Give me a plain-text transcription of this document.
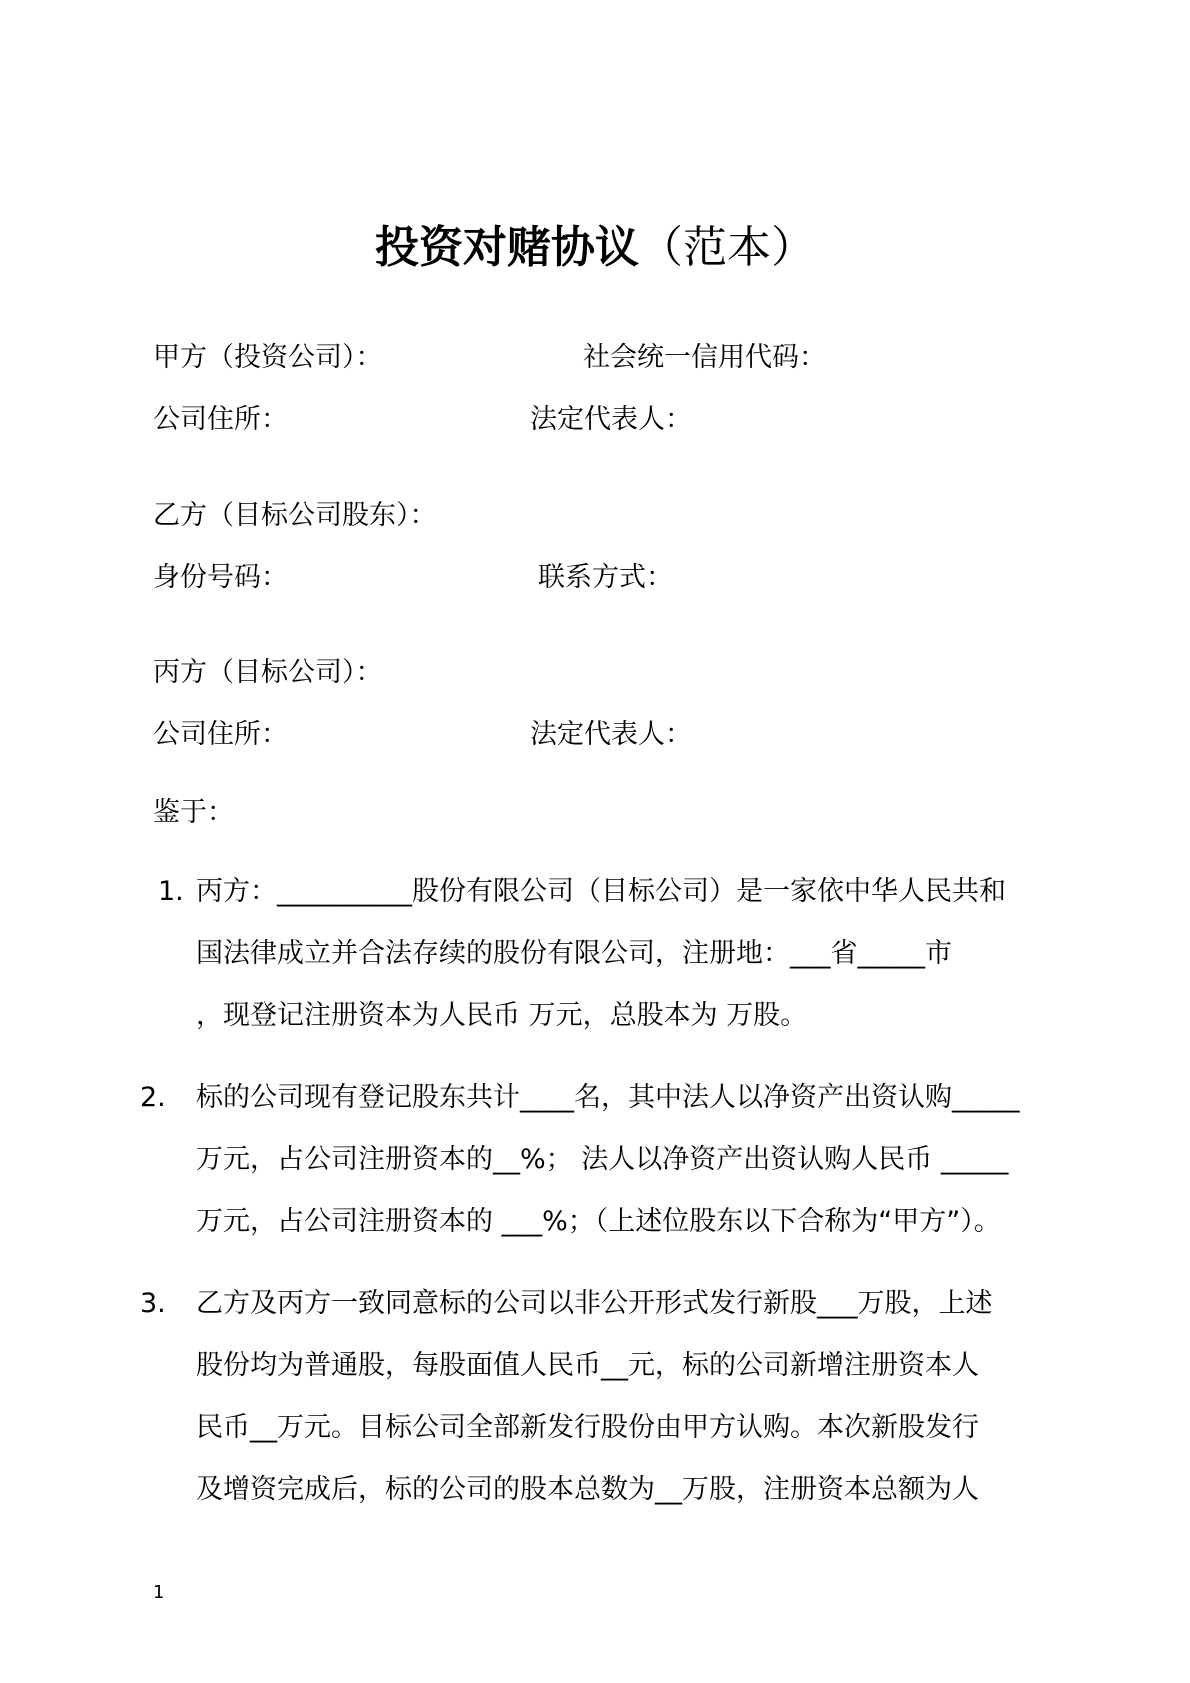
投资对赌协议（范本）
甲方（投资公司）：	社会统一信用代码：
公司住所：	法定代表人：
乙方（目标公司股东）：
身份号码：	联系方式：
丙方（目标公司）：
公司住所：	法定代表人：
鉴于：
1. 丙方：__________股份有限公司（目标公司）是一家依中华人民共和
国法律成立并合法存续的股份有限公司，注册地：___省_____市
，现登记注册资本为人民币 万元，总股本为 万股。
2. 标的公司现有登记股东共计____名，其中法人以净资产出资认购_____
万元，占公司注册资本的__%； 法人以净资产出资认购人民币 _____
万元，占公司注册资本的 ___%；（上述位股东以下合称为“甲方”）。
3. 乙方及丙方一致同意标的公司以非公开形式发行新股___万股，上述
股份均为普通股，每股面值人民币__元，标的公司新增注册资本人
民币__万元。目标公司全部新发行股份由甲方认购。本次新股发行
及增资完成后，标的公司的股本总数为__万股，注册资本总额为人
1
